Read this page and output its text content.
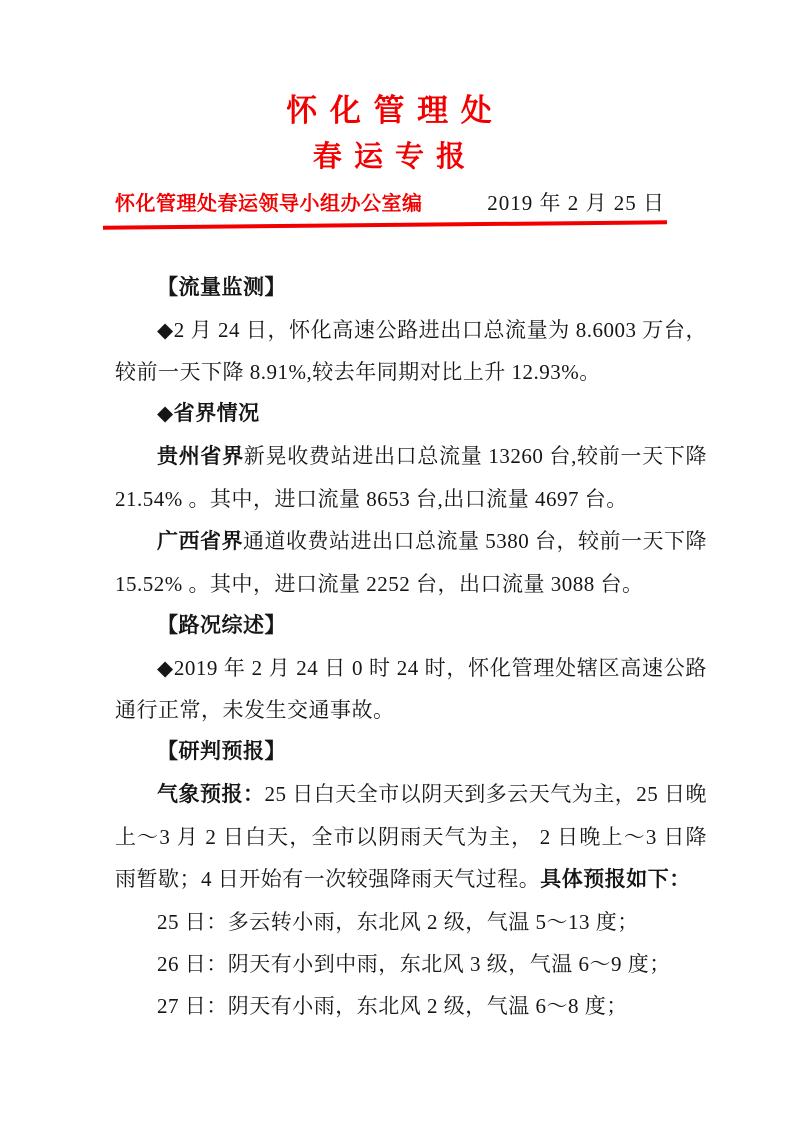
怀 化 管 理 处
春 运 专 报
怀化管理处春运领导小组办公室编	2019 年 2 月 25 日

【流量监测】

◆2 月 24 日，怀化高速公路进出口总流量为 8.6003 万台，较前一天下降 8.91%,较去年同期对比上升 12.93%。

◆省界情况

贵州省界新晃收费站进出口总流量 13260 台,较前一天下降 21.54% 。其中，进口流量 8653 台,出口流量 4697 台。

广西省界通道收费站进出口总流量 5380 台，较前一天下降 15.52% 。其中，进口流量 2252 台，出口流量 3088 台。

【路况综述】

◆2019 年 2 月 24 日 0 时 24 时，怀化管理处辖区高速公路通行正常，未发生交通事故。

【研判预报】

气象预报：25 日白天全市以阴天到多云天气为主，25 日晚上～3 月 2 日白天，全市以阴雨天气为主， 2 日晚上～3 日降雨暂歇；4 日开始有一次较强降雨天气过程。具体预报如下：

25 日：多云转小雨，东北风 2 级，气温 5～13 度；

26 日：阴天有小到中雨，东北风 3 级，气温 6～9 度；

27 日：阴天有小雨，东北风 2 级，气温 6～8 度；
